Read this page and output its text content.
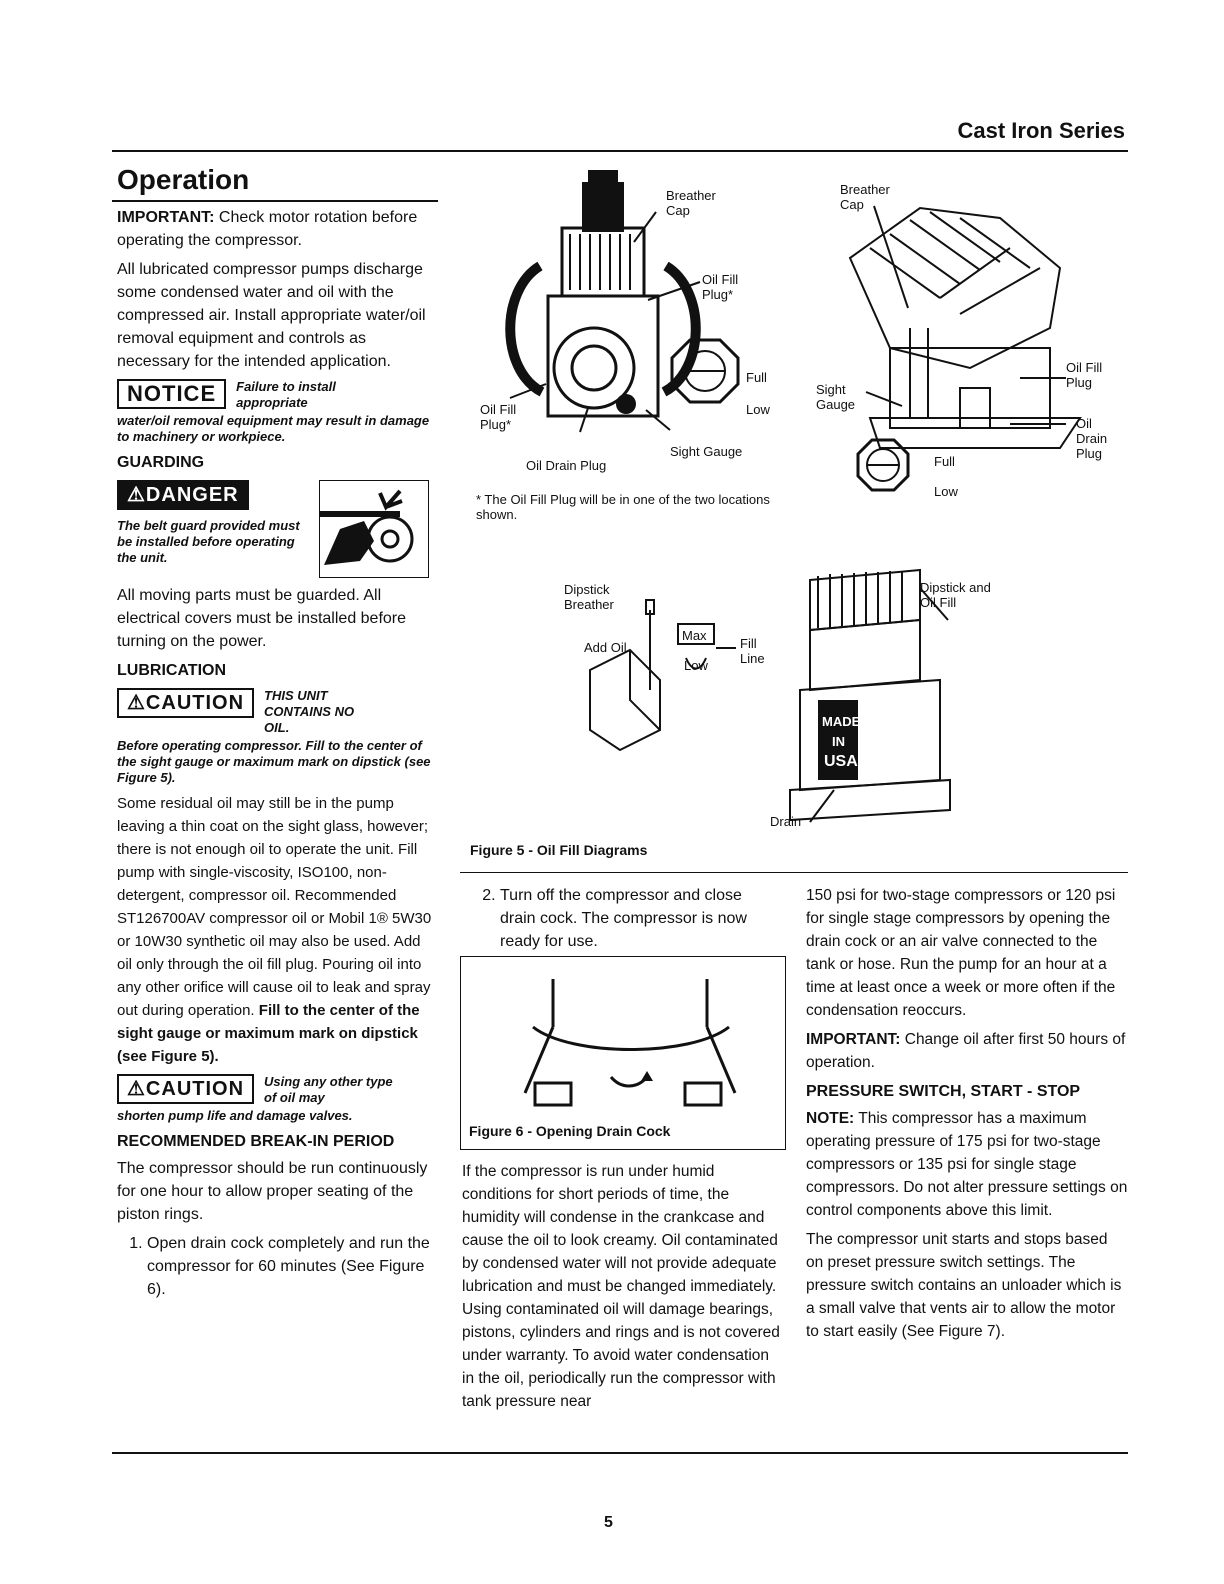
Cast Iron Series
Operation

IMPORTANT: Check motor rotation before operating the compressor.

All lubricated compressor pumps discharge some condensed water and oil with the compressed air. Install appropriate water/oil removal equipment and controls as necessary for the intended application.

NOTICE	Failure to install appropriate
water/oil removal equipment may result in damage to machinery or workpiece.
GUARDING
⚠DANGER
The belt guard provided must be installed before operating the unit.

All moving parts must be guarded. All electrical covers must be installed before turning on the power.

LUBRICATION
⚠CAUTION	THIS UNIT CONTAINS NO OIL.
Before operating compressor. Fill to the center of the sight gauge or maximum mark on dipstick (see Figure 5).

Some residual oil may still be in the pump leaving a thin coat on the sight glass, however; there is not enough oil to operate the unit. Fill pump with single-viscosity, ISO100, non-detergent, compressor oil. Recommended ST126700AV compressor oil or Mobil 1® 5W30 or 10W30 synthetic oil may also be used. Add oil only through the oil fill plug. Pouring oil into any other orifice will cause oil to leak and spray out during operation. Fill to the center of the sight gauge or maximum mark on dipstick (see Figure 5).

⚠CAUTION	Using any other type of oil may
shorten pump life and damage valves.
RECOMMENDED BREAK-IN PERIOD

The compressor should be run continuously for one hour to allow proper seating of the piston rings.

1. Open drain cock completely and run the compressor for 60 minutes (See Figure 6).
Breather Cap
Oil Fill Plug*
Full
Low
Oil Fill Plug*
Sight Gauge
Oil Drain Plug
* The Oil Fill Plug will be in one of the two locations shown.
Breather Cap
Sight Gauge
Oil Fill Plug
Oil Drain Plug
Full
Low
Dipstick Breather
Add Oil
Max
Low
Fill Line
MADE
IN
USA
Dipstick and Oil Fill
Drain
Figure 5 - Oil Fill Diagrams
2. Turn off the compressor and close drain cock. The compressor is now ready for use.
Figure 6 - Opening Drain Cock

If the compressor is run under humid conditions for short periods of time, the humidity will condense in the crankcase and cause the oil to look creamy. Oil contaminated by condensed water will not provide adequate lubrication and must be changed immediately. Using contaminated oil will damage bearings, pistons, cylinders and rings and is not covered under warranty. To avoid water condensation in the oil, periodically run the compressor with tank pressure near

150 psi for two-stage compressors or 120 psi for single stage compressors by opening the drain cock or an air valve connected to the tank or hose. Run the pump for an hour at a time at least once a week or more often if the condensation reoccurs.

IMPORTANT: Change oil after first 50 hours of operation.

PRESSURE SWITCH, START - STOP

NOTE: This compressor has a maximum operating pressure of 175 psi for two-stage compressors or 135 psi for single stage compressors. Do not alter pressure settings on control components above this limit.

The compressor unit starts and stops based on preset pressure switch settings. The pressure switch contains an unloader which is a small valve that vents air to allow the motor to start easily (See Figure 7).

5
